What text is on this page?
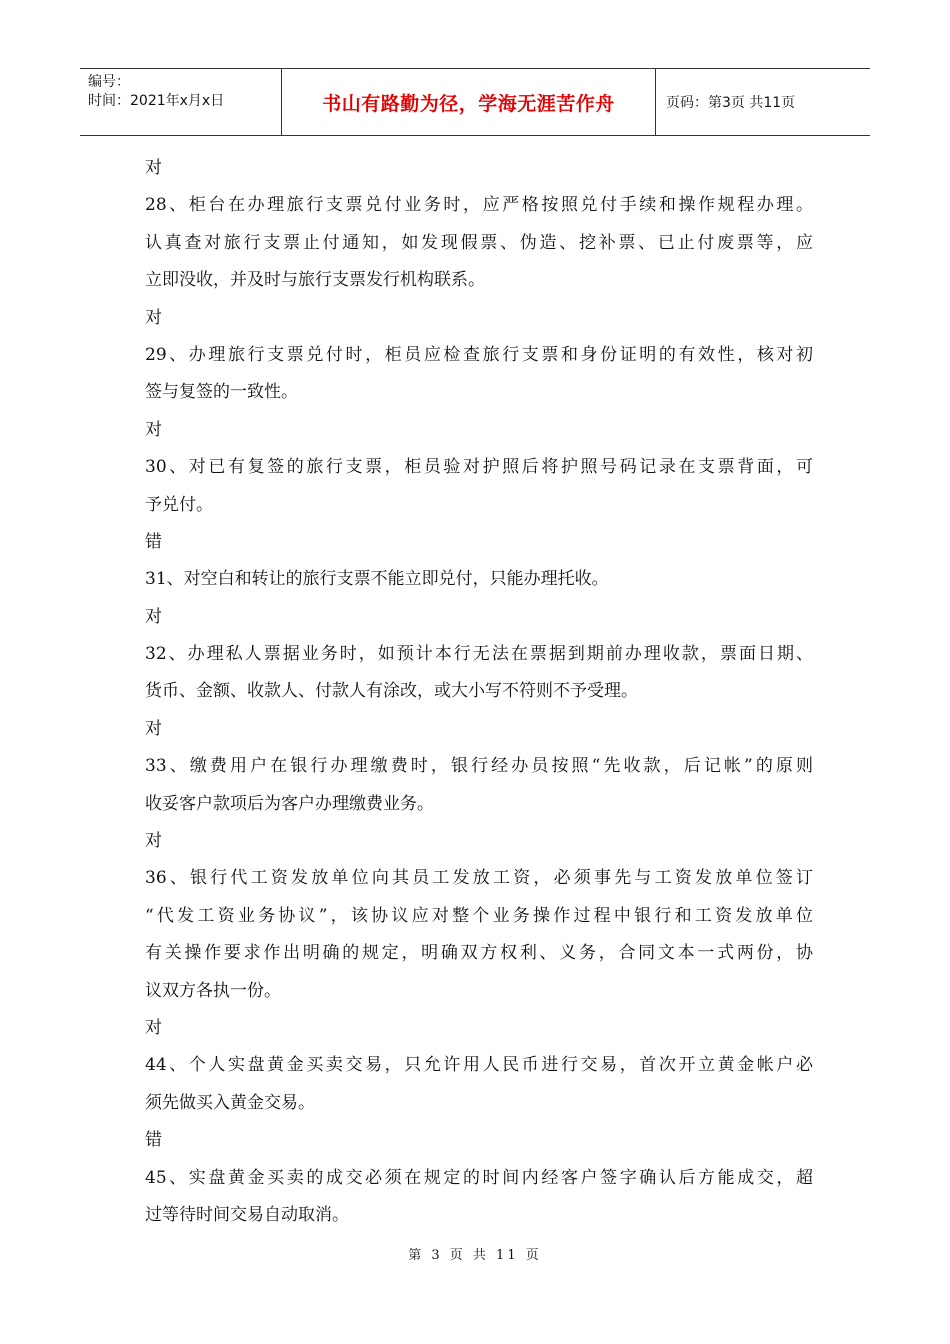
编号：
时间：2021年x月x日	书山有路勤为径，学海无涯苦作舟	页码：第3页 共11页
对
28、柜台在办理旅行支票兑付业务时，应严格按照兑付手续和操作规程办理。
认真查对旅行支票止付通知，如发现假票、伪造、挖补票、已止付废票等，应
立即没收，并及时与旅行支票发行机构联系。
对
29、办理旅行支票兑付时，柜员应检查旅行支票和身份证明的有效性，核对初
签与复签的一致性。
对
30、对已有复签的旅行支票，柜员验对护照后将护照号码记录在支票背面，可
予兑付。
错
31、对空白和转让的旅行支票不能立即兑付，只能办理托收。
对
32、办理私人票据业务时，如预计本行无法在票据到期前办理收款，票面日期、
货币、金额、收款人、付款人有涂改，或大小写不符则不予受理。
对
33、缴费用户在银行办理缴费时，银行经办员按照“先收款，后记帐”的原则
收妥客户款项后为客户办理缴费业务。
对
36、银行代工资发放单位向其员工发放工资，必须事先与工资发放单位签订
“代发工资业务协议”，该协议应对整个业务操作过程中银行和工资发放单位
有关操作要求作出明确的规定，明确双方权利、义务，合同文本一式两份，协
议双方各执一份。
对
44、个人实盘黄金买卖交易，只允许用人民币进行交易，首次开立黄金帐户必
须先做买入黄金交易。
错
45、实盘黄金买卖的成交必须在规定的时间内经客户签字确认后方能成交，超
过等待时间交易自动取消。
第 3 页 共 11 页
